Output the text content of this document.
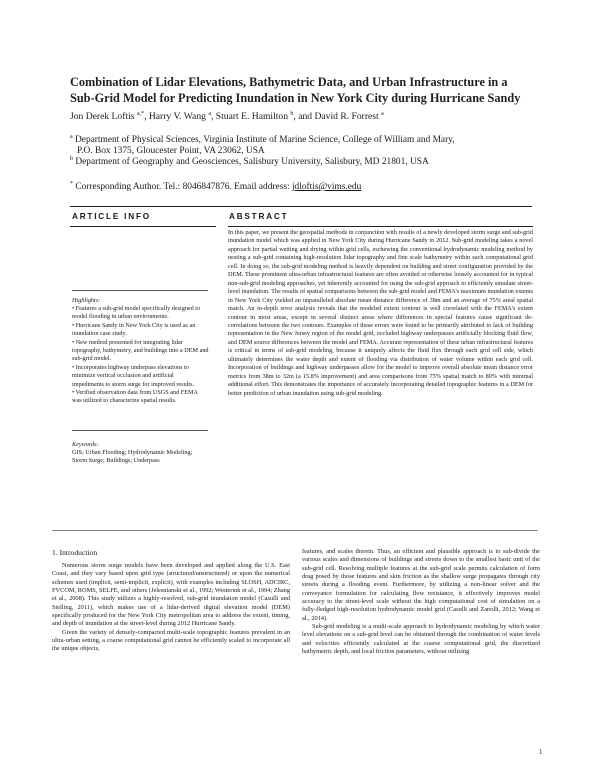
Combination of Lidar Elevations, Bathymetric Data, and Urban Infrastructure in a
Sub-Grid Model for Predicting Inundation in New York City during Hurricane Sandy
Jon Derek Loftis $^{a,*}$, Harry V. Wang $^a$, Stuart E. Hamilton $^b$, and David R. Forrest $^a$
$^a$ Department of Physical Sciences, Virginia Institute of Marine Science, College of William and Mary,
P.O. Box 1375, Gloucester Point, VA 23062, USA
$^b$ Department of Geography and Geosciences, Salisbury University, Salisbury, MD 21801, USA
* Corresponding Author. Tel.: 8046847876. Email address: jdloftis@vims.edu
ARTICLE INFO	ABSTRACT
Highlights:
• Features a sub-grid model specifically designed to model flooding in urban environments.
• Hurricane Sandy in New York City is used as an inundation case study.
• New method presented for integrating lidar topography, bathymetry, and buildings into a DEM and sub-grid model.
• Incorporates highway underpass elevations to minimize vertical occlusion and artificial impediments to storm surge for improved results.
• Verified observation data from USGS and FEMA was utilized to characterize spatial results.
Keywords:
GIS; Urban Flooding; Hydrodynamic Modeling; Storm Surge; Buildings; Underpass
In this paper, we present the geospatial methods in conjunction with results of a newly developed storm surge and sub-grid inundation model which was applied in New York City during Hurricane Sandy in 2012. Sub-grid modeling takes a novel approach for partial wetting and drying within grid cells, eschewing the conventional hydrodynamic modeling method by nesting a sub-grid containing high-resolution lidar topography and fine scale bathymetry within each computational grid cell. In doing so, the sub-grid modeling method is heavily dependent on building and street configuration provided by the DEM. These prominent ultra-urban infrastructural features are often avoided or otherwise loosely accounted for in typical non-sub-grid modeling approaches, yet inherently accounted for using the sub-grid approach to efficiently simulate street-level inundation. The results of spatial comparisons between the sub-grid model and FEMA's maximum inundation extents in New York City yielded an unparalleled absolute mean distance difference of 38m and an average of 75% areal spatial match. An in-depth error analysis reveals that the modeled extent contour is well correlated with the FEMA's extent contour in most areas, except in several distinct areas where differences in special features cause significant de-correlations between the two contours. Examples of these errors were found to be primarily attributed to lack of building representation in the New Jersey region of the model grid, occluded highway underpasses artificially blocking fluid flow, and DEM source differences between the model and FEMA. Accurate representation of these urban infrastructural features is critical in terms of sub-grid modeling, because it uniquely affects the fluid flux through each grid cell side, which ultimately determines the water depth and extent of flooding via distribution of water volume within each grid cell. Incorporation of buildings and highway underpasses allow for the model to improve overall absolute mean distance error metrics from 38m to 32m (a 15.8% improvement) and area comparisons from 75% spatial match to 80% with minimal additional effort. This demonstrates the importance of accurately incorporating detailed topographic features in a DEM for better prediction of urban inundation using sub-grid modeling.
1. Introduction

Numerous storm surge models have been developed and applied along the U.S. East Coast, and they vary based upon grid type (structured/unstructured) or upon the numerical schemes used (implicit, semi-implicit, explicit), with examples including SLOSH, ADCIRC, FVCOM, ROMS, SELFE, and others (Jelesnianski et al., 1992; Westerink et al., 1994; Zhang et al., 2008). This study utilizes a highly-resolved, sub-grid inundation model (Casulli and Stelling, 2011), which makes use of a lidar-derived digital elevation model (DEM) specifically produced for the New York City metropolitan area to address the extent, timing, and depth of inundation at the street-level during 2012 Hurricane Sandy.

Given the variety of densely-compacted multi-scale topographic features prevalent in an ultra-urban setting, a coarse computational grid cannot be efficiently scaled to incorporate all the unique objects,

features, and scales therein. Thus, an efficient and plausible approach is to sub-divide the various scales and dimensions of buildings and streets down to the smallest basic unit of the sub-grid cell. Resolving multiple features at the sub-grid scale permits calculation of form drag posed by those features and skin friction as the shallow surge propagates through city streets during a flooding event. Furthermore, by utilizing a non-linear solver and the conveyance formulation for calculating flow resistance, it effectively improves model accuracy to the street-level scale without the high computational cost of simulation on a fully-fledged high-resolution hydrodynamic model grid (Casulli and Zanolli, 2012; Wang et al., 2014).

Sub-grid modeling is a multi-scale approach to hydrodynamic modeling by which water level elevations on a sub-grid level can be obtained through the combination of water levels and velocities efficiently calculated at the coarse computational grid, the discretized bathymetric depth, and local friction parameters, without utilizing

1
